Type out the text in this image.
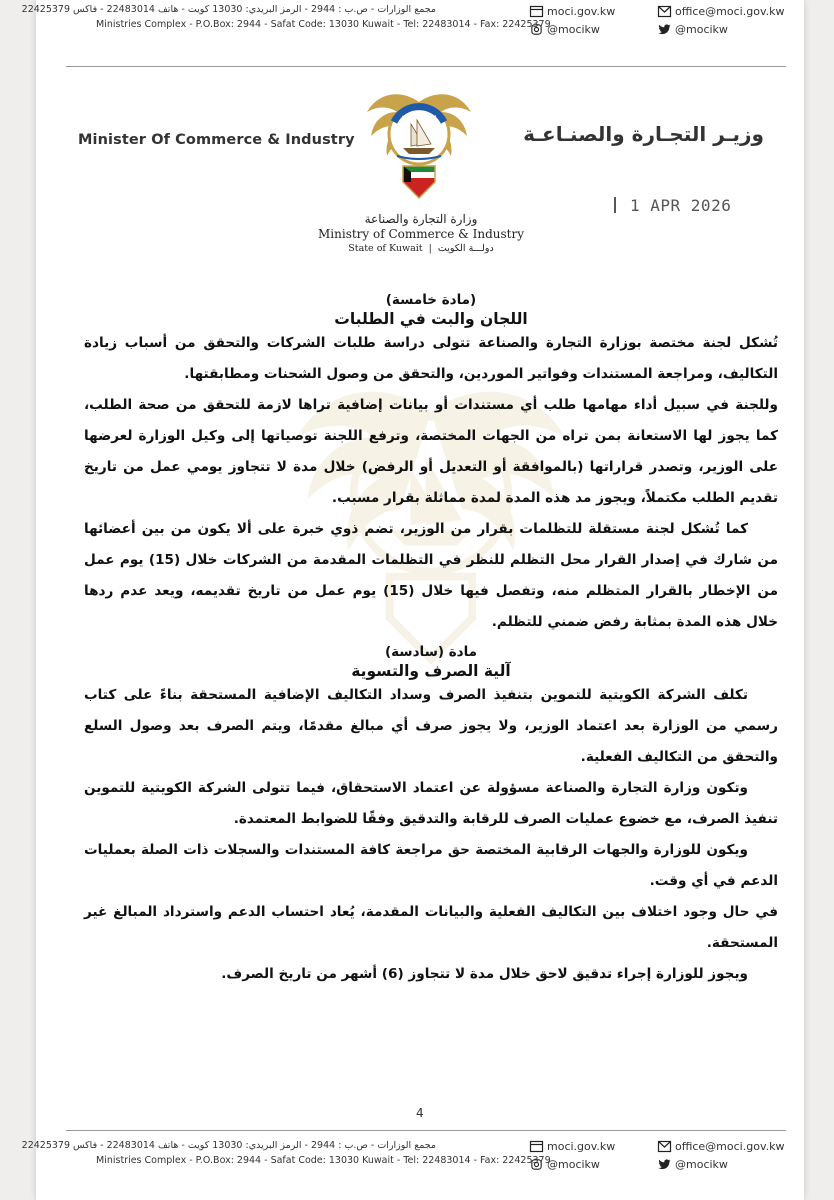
مجمع الوزارات - ص.ب : 2944 - الرمز البريدي: 13030 كويت - هاتف 22483014 - فاكس 22425379
Ministries Complex - P.O.Box: 2944 - Safat Code: 13030 Kuwait - Tel: 22483014 - Fax: 22425379
moci.gov.kw	office@moci.gov.kw
@mocikw	@mocikw
Minister Of Commerce & Industry	وزيـر التجـارة والصنـاعـة
دولة الكويت
وزارة التجارة والصناعة
Ministry of Commerce & Industry
State of Kuwait  |  دولـــة الكويت
1 APR 2026
(مادة خامسة)
اللجان والبت في الطلبات
تُشكل لجنة مختصة بوزارة التجارة والصناعة تتولى دراسة طلبات الشركات والتحقق من أسباب زيادة التكاليف، ومراجعة المستندات وفواتير الموردين، والتحقق من وصول الشحنات ومطابقتها.
وللجنة في سبيل أداء مهامها طلب أي مستندات أو بيانات إضافية تراها لازمة للتحقق من صحة الطلب، كما يجوز لها الاستعانة بمن تراه من الجهات المختصة، وترفع اللجنة توصياتها إلى وكيل الوزارة لعرضها على الوزير، وتصدر قراراتها (بالموافقة أو التعديل أو الرفض) خلال مدة لا تتجاوز يومي عمل من تاريخ تقديم الطلب مكتملاً، ويجوز مد هذه المدة لمدة مماثلة بقرار مسبب.
كما تُشكل لجنة مستقلة للتظلمات بقرار من الوزير، تضم ذوي خبرة على ألا يكون من بين أعضائها من شارك في إصدار القرار محل التظلم للنظر في التظلمات المقدمة من الشركات خلال (15) يوم عمل من الإخطار بالقرار المتظلم منه، وتفصل فيها خلال (15) يوم عمل من تاريخ تقديمه، ويعد عدم ردها خلال هذه المدة بمثابة رفض ضمني للتظلم.
مادة (سادسة)
آلية الصرف والتسوية
تكلف الشركة الكويتية للتموين بتنفيذ الصرف وسداد التكاليف الإضافية المستحقة بناءً على كتاب رسمي من الوزارة بعد اعتماد الوزير، ولا يجوز صرف أي مبالغ مقدمًا، ويتم الصرف بعد وصول السلع والتحقق من التكاليف الفعلية.
وتكون وزارة التجارة والصناعة مسؤولة عن اعتماد الاستحقاق، فيما تتولى الشركة الكويتية للتموين تنفيذ الصرف، مع خضوع عمليات الصرف للرقابة والتدقيق وفقًا للضوابط المعتمدة.
ويكون للوزارة والجهات الرقابية المختصة حق مراجعة كافة المستندات والسجلات ذات الصلة بعمليات الدعم في أي وقت.
في حال وجود اختلاف بين التكاليف الفعلية والبيانات المقدمة، يُعاد احتساب الدعم واسترداد المبالغ غير المستحقة.
ويجوز للوزارة إجراء تدقيق لاحق خلال مدة لا تتجاوز (6) أشهر من تاريخ الصرف.
4
مجمع الوزارات - ص.ب : 2944 - الرمز البريدي: 13030 كويت - هاتف 22483014 - فاكس 22425379
Ministries Complex - P.O.Box: 2944 - Safat Code: 13030 Kuwait - Tel: 22483014 - Fax: 22425379
moci.gov.kw	office@moci.gov.kw
@mocikw	@mocikw
